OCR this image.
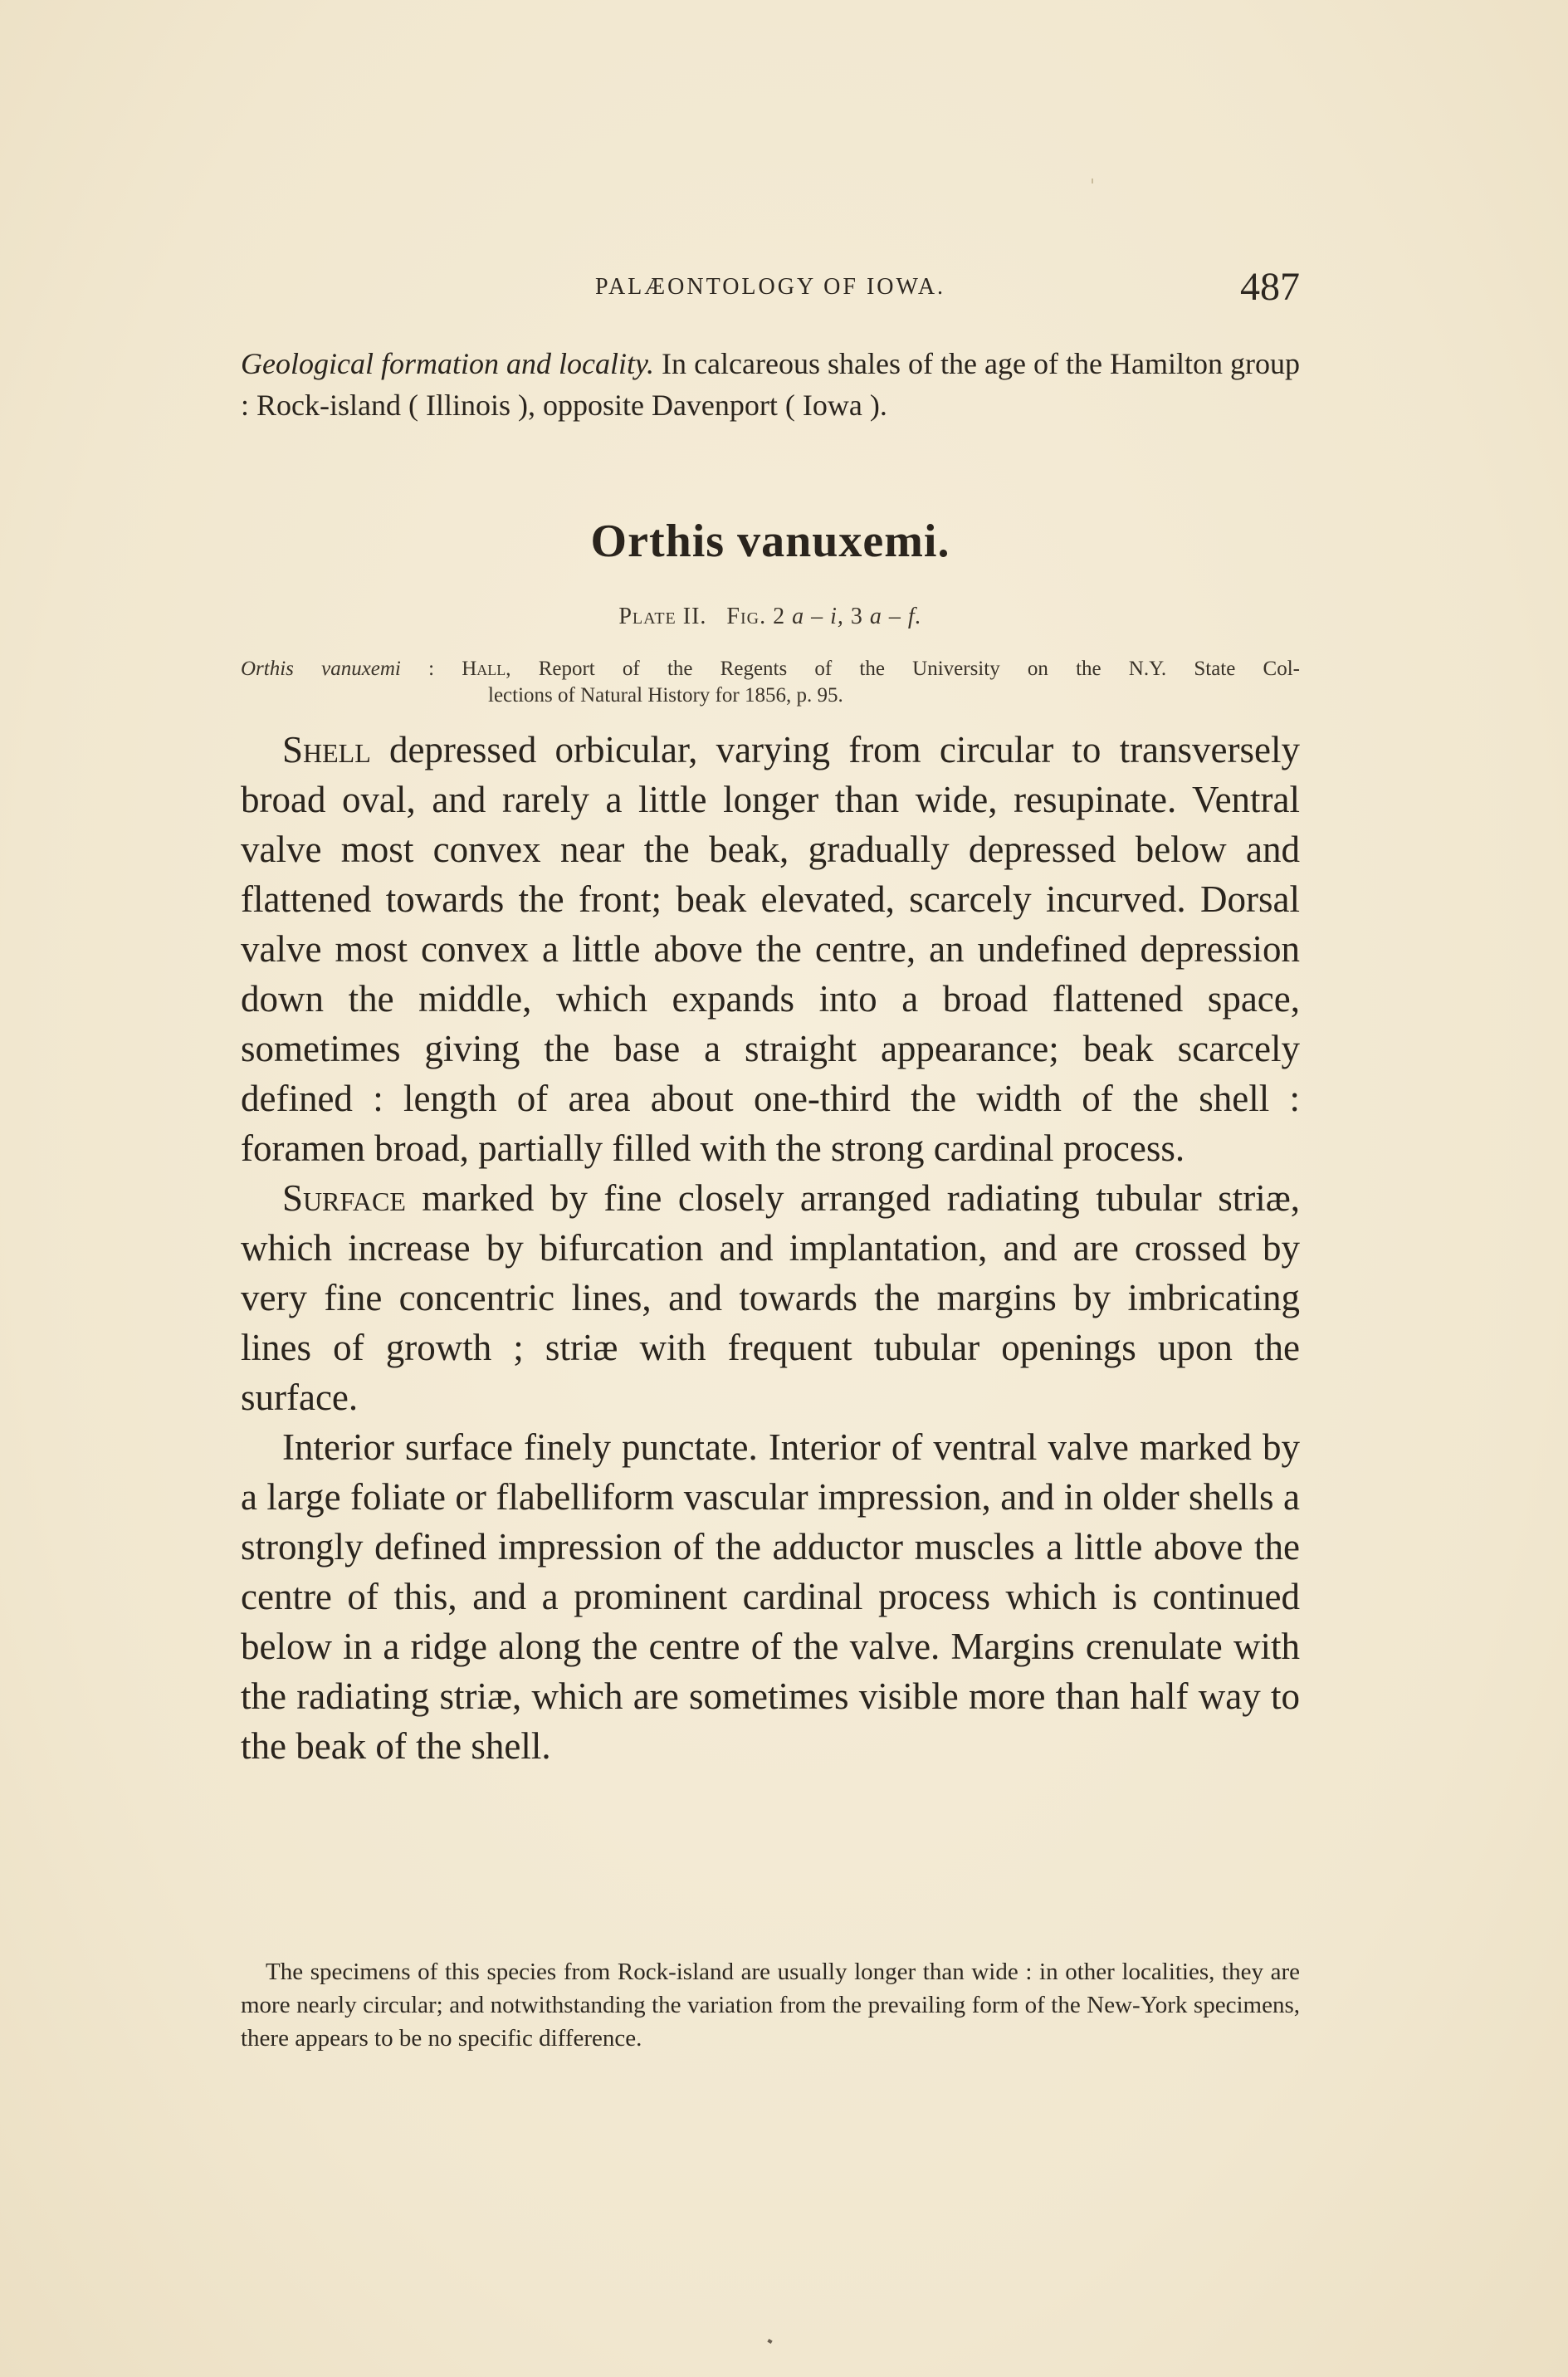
PALÆONTOLOGY OF IOWA.	487
Geological formation and locality. In calcareous shales of the age of the Hamilton group : Rock-island ( Illinois ), opposite Davenport ( Iowa ).
Orthis vanuxemi.
Plate II. Fig. 2 a – i, 3 a – f.
Orthis vanuxemi : Hall, Report of the Regents of the University on the N.Y. State Col-
lections of Natural History for 1856, p. 95.

Shell depressed orbicular, varying from circular to transversely broad oval, and rarely a little longer than wide, resupinate. Ventral valve most convex near the beak, gradually depressed below and flattened towards the front; beak elevated, scarcely incurved. Dorsal valve most convex a little above the centre, an undefined depression down the middle, which expands into a broad flattened space, sometimes giving the base a straight appearance; beak scarcely defined : length of area about one-third the width of the shell : foramen broad, partially filled with the strong cardinal process.

Surface marked by fine closely arranged radiating tubular striæ, which increase by bifurcation and implantation, and are crossed by very fine concentric lines, and towards the margins by imbricating lines of growth ; striæ with frequent tubular openings upon the surface.

Interior surface finely punctate. Interior of ventral valve marked by a large foliate or flabelliform vascular impression, and in older shells a strongly defined impression of the adductor muscles a little above the centre of this, and a prominent cardinal process which is continued below in a ridge along the centre of the valve. Margins crenulate with the radiating striæ, which are sometimes visible more than half way to the beak of the shell.

The specimens of this species from Rock-island are usually longer than wide : in other localities, they are more nearly circular; and notwithstanding the variation from the prevailing form of the New-York specimens, there appears to be no specific difference.
